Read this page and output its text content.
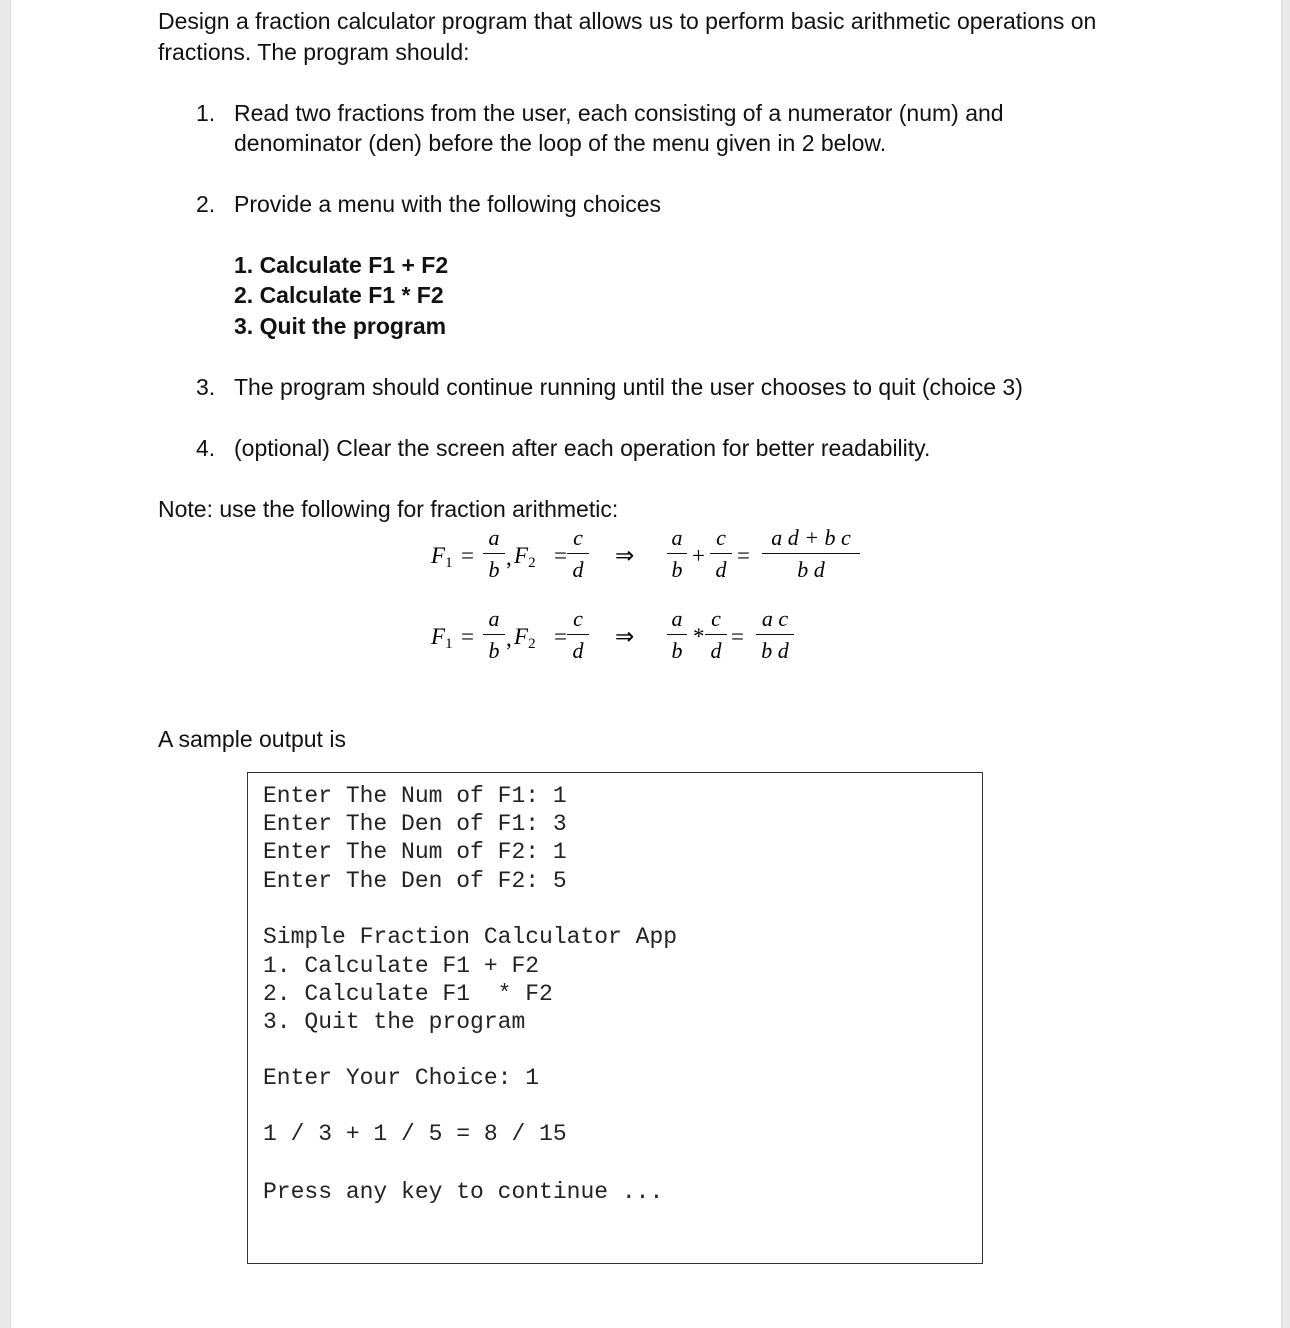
Design a fraction calculator program that allows us to perform basic arithmetic operations on fractions. The program should:
1. Read two fractions from the user, each consisting of a numerator (num) and
denominator (den) before the loop of the menu given in 2 below.
2. Provide a menu with the following choices
1. Calculate F1 + F2
2. Calculate F1 * F2
3. Quit the program
3. The program should continue running until the user chooses to quit (choice 3)
4. (optional) Clear the screen after each operation for better readability.
Note: use the following for fraction arithmetic:
$F_1$ =
a
b , $F_2$ =
c
d
⇒
a
b
+
c
d
=
a d + b c
b d
$F_1$ =
a
b , $F_2$ =
c
d
⇒
a
b
*
c
d
=
a c
b d
A sample output is
Enter The Num of F1: 1
Enter The Den of F1: 3
Enter The Num of F2: 1
Enter The Den of F2: 5
Simple Fraction Calculator App
1. Calculate F1 + F2
2. Calculate F1  * F2
3. Quit the program
Enter Your Choice: 1
1 / 3 + 1 / 5 = 8 / 15
Press any key to continue ...
